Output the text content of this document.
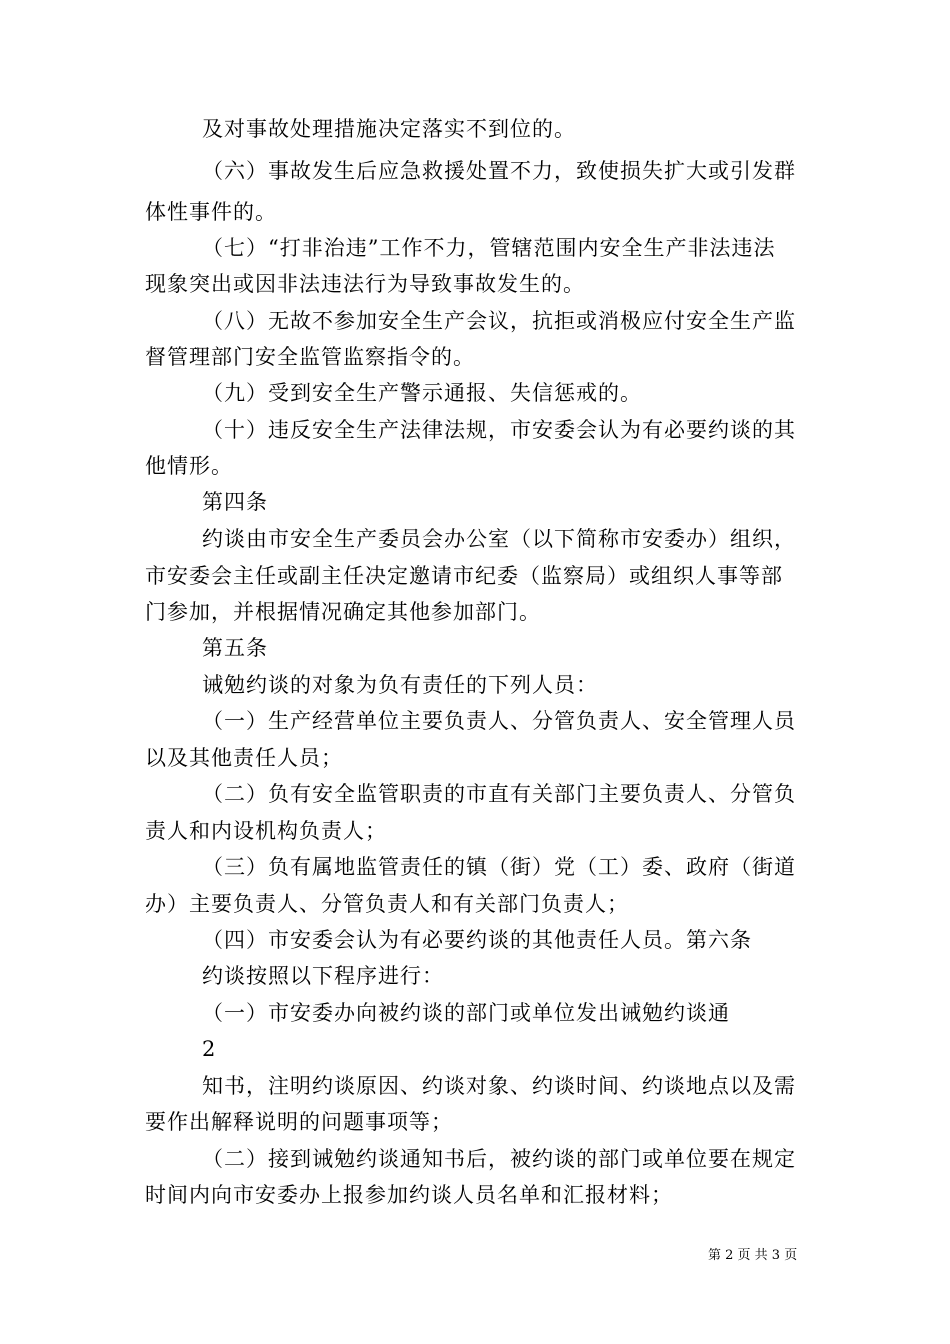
及对事故处理措施决定落实不到位的。

（六）事故发生后应急救援处置不力，致使损失扩大或引发群

体性事件的。

（七）“打非治违”工作不力，管辖范围内安全生产非法违法

现象突出或因非法违法行为导致事故发生的。

（八）无故不参加安全生产会议，抗拒或消极应付安全生产监

督管理部门安全监管监察指令的。

（九）受到安全生产警示通报、失信惩戒的。

（十）违反安全生产法律法规，市安委会认为有必要约谈的其

他情形。

第四条

约谈由市安全生产委员会办公室（以下简称市安委办）组织，

市安委会主任或副主任决定邀请市纪委（监察局）或组织人事等部

门参加，并根据情况确定其他参加部门。

第五条

诫勉约谈的对象为负有责任的下列人员：

（一）生产经营单位主要负责人、分管负责人、安全管理人员

以及其他责任人员；

（二）负有安全监管职责的市直有关部门主要负责人、分管负

责人和内设机构负责人；

（三）负有属地监管责任的镇（街）党（工）委、政府（街道

办）主要负责人、分管负责人和有关部门负责人；

（四）市安委会认为有必要约谈的其他责任人员。第六条

约谈按照以下程序进行：

（一）市安委办向被约谈的部门或单位发出诫勉约谈通

2

知书，注明约谈原因、约谈对象、约谈时间、约谈地点以及需

要作出解释说明的问题事项等；

（二）接到诫勉约谈通知书后，被约谈的部门或单位要在规定

时间内向市安委办上报参加约谈人员名单和汇报材料；

第 2 页 共 3 页
